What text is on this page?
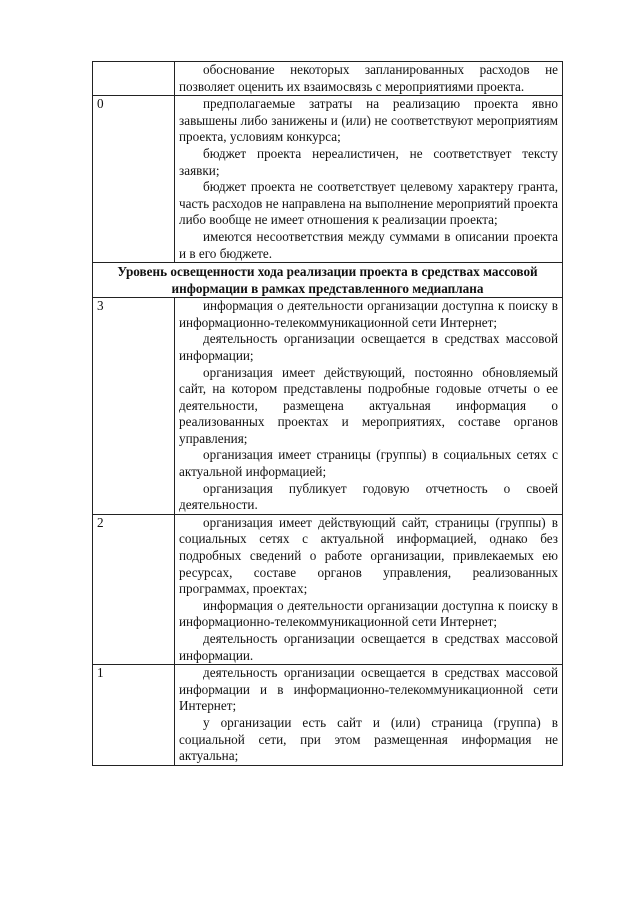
	обоснование некоторых запланированных расходов не позволяет оценить их взаимосвязь с мероприятиями проекта.

0	предполагаемые затраты на реализацию проекта явно завышены либо занижены и (или) не соответствуют мероприятиям проекта, условиям конкурса;

бюджет проекта нереалистичен, не соответствует тексту заявки;

бюджет проекта не соответствует целевому характеру гранта, часть расходов не направлена на выполнение мероприятий проекта либо вообще не имеет отношения к реализации проекта;

имеются несоответствия между суммами в описании проекта и в его бюджете.

Уровень освещенности хода реализации проекта в средствах массовой информации в рамках представленного медиаплана	
3	информация о деятельности организации доступна к поиску в информационно-телекоммуникационной сети Интернет;

деятельность организации освещается в средствах массовой информации;

организация имеет действующий, постоянно обновляемый сайт, на котором представлены подробные годовые отчеты о ее деятельности, размещена актуальная информация о реализованных проектах и мероприятиях, составе органов управления;

организация имеет страницы (группы) в социальных сетях с актуальной информацией;

организация публикует годовую отчетность о своей деятельности.

2	организация имеет действующий сайт, страницы (группы) в социальных сетях с актуальной информацией, однако без подробных сведений о работе организации, привлекаемых ею ресурсах, составе органов управления, реализованных программах, проектах;

информация о деятельности организации доступна к поиску в информационно-телекоммуникационной сети Интернет;

деятельность организации освещается в средствах массовой информации.

1	деятельность организации освещается в средствах массовой информации и в информационно-телекоммуникационной сети Интернет;

у организации есть сайт и (или) страница (группа) в социальной сети, при этом размещенная информация не актуальна;
